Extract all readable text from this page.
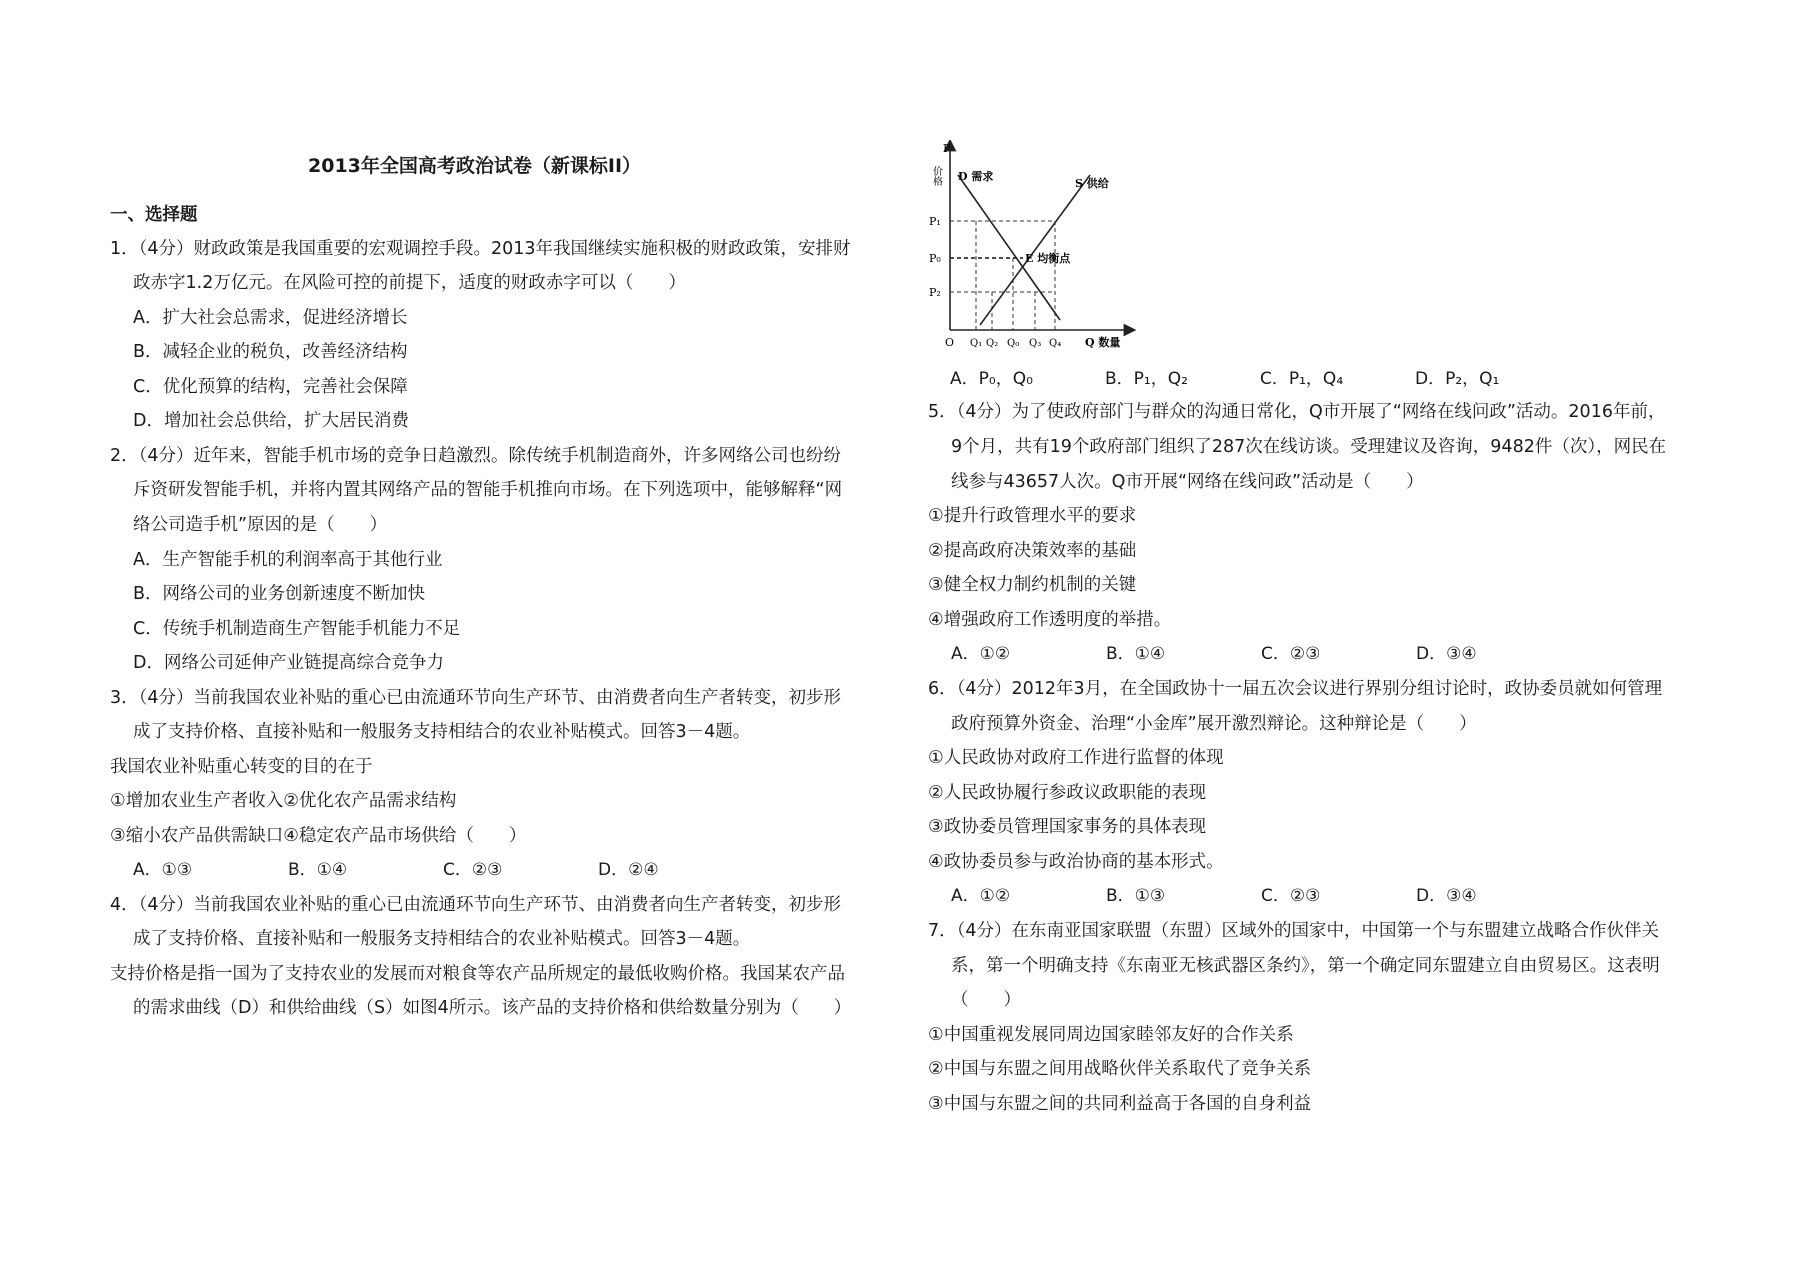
2013年全国高考政治试卷（新课标II）
一、选择题
1．（4分）财政政策是我国重要的宏观调控手段。2013年我国继续实施积极的财政政策，安排财
政赤字1.2万亿元。在风险可控的前提下，适度的财政赤字可以（　　）
A．扩大社会总需求，促进经济增长
B．减轻企业的税负，改善经济结构
C．优化预算的结构，完善社会保障
D．增加社会总供给，扩大居民消费
2．（4分）近年来，智能手机市场的竞争日趋激烈。除传统手机制造商外，许多网络公司也纷纷
斥资研发智能手机，并将内置其网络产品的智能手机推向市场。在下列选项中，能够解释“网
络公司造手机”原因的是（　　）
A．生产智能手机的利润率高于其他行业
B．网络公司的业务创新速度不断加快
C．传统手机制造商生产智能手机能力不足
D．网络公司延伸产业链提高综合竞争力
3．（4分）当前我国农业补贴的重心已由流通环节向生产环节、由消费者向生产者转变，初步形
成了支持价格、直接补贴和一般服务支持相结合的农业补贴模式。回答3－4题。
我国农业补贴重心转变的目的在于
①增加农业生产者收入②优化农产品需求结构
③缩小农产品供需缺口④稳定农产品市场供给（　　）
A．①③	B．①④	C．②③	D．②④
4．（4分）当前我国农业补贴的重心已由流通环节向生产环节、由消费者向生产者转变，初步形
成了支持价格、直接补贴和一般服务支持相结合的农业补贴模式。回答3－4题。
支持价格是指一国为了支持农业的发展而对粮食等农产品所规定的最低收购价格。我国某农产品
的需求曲线（D）和供给曲线（S）如图4所示。该产品的支持价格和供给数量分别为（　　）
P
价格 D 需求
S 供给
E 均衡点
P₁
P₀
P₂
O Q₁ Q₂ Q₀ Q₃ Q₄ Q 数量
A．P₀，Q₀	B．P₁，Q₂	C．P₁，Q₄	D．P₂，Q₁
5．（4分）为了使政府部门与群众的沟通日常化，Q市开展了“网络在线问政”活动。2016年前，
9个月，共有19个政府部门组织了287次在线访谈。受理建议及咨询，9482件（次），网民在
线参与43657人次。Q市开展“网络在线问政”活动是（　　）
①提升行政管理水平的要求
②提高政府决策效率的基础
③健全权力制约机制的关键
④增强政府工作透明度的举措。
A．①②	B．①④	C．②③	D．③④
6．（4分）2012年3月，在全国政协十一届五次会议进行界别分组讨论时，政协委员就如何管理
政府预算外资金、治理“小金库”展开激烈辩论。这种辩论是（　　）
①人民政协对政府工作进行监督的体现
②人民政协履行参政议政职能的表现
③政协委员管理国家事务的具体表现
④政协委员参与政治协商的基本形式。
A．①②	B．①③	C．②③	D．③④
7．（4分）在东南亚国家联盟（东盟）区域外的国家中，中国第一个与东盟建立战略合作伙伴关
系，第一个明确支持《东南亚无核武器区条约》，第一个确定同东盟建立自由贸易区。这表明
（　　）
①中国重视发展同周边国家睦邻友好的合作关系
②中国与东盟之间用战略伙伴关系取代了竞争关系
③中国与东盟之间的共同利益高于各国的自身利益
